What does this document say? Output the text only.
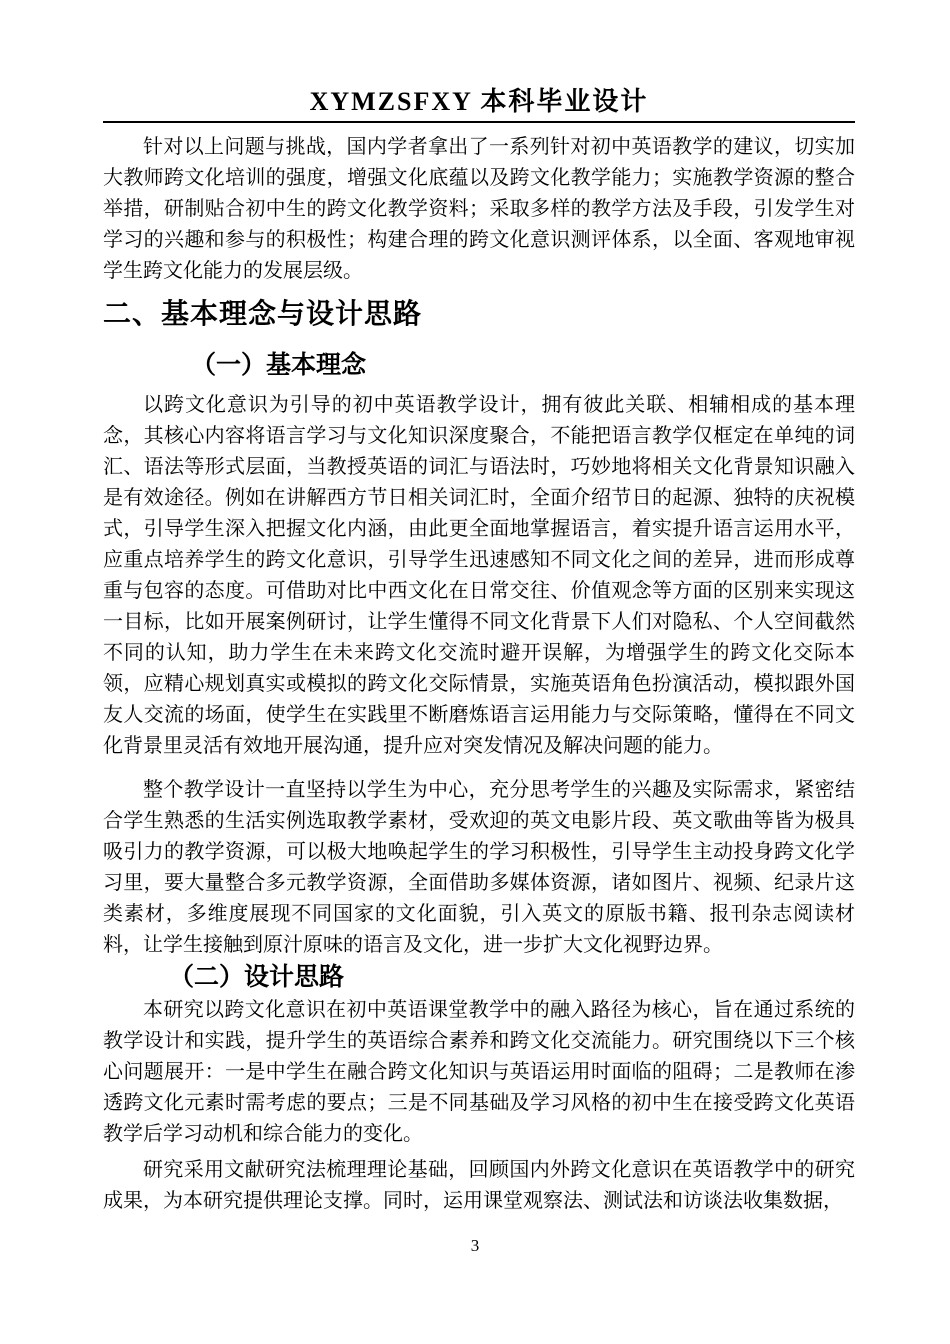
XYMZSFXY 本科毕业设计

针对以上问题与挑战，国内学者拿出了一系列针对初中英语教学的建议，切实加大教师跨文化培训的强度，增强文化底蕴以及跨文化教学能力；实施教学资源的整合举措，研制贴合初中生的跨文化教学资料；采取多样的教学方法及手段，引发学生对学习的兴趣和参与的积极性；构建合理的跨文化意识测评体系，以全面、客观地审视学生跨文化能力的发展层级。

二、基本理念与设计思路
（一）基本理念

以跨文化意识为引导的初中英语教学设计，拥有彼此关联、相辅相成的基本理念，其核心内容将语言学习与文化知识深度聚合，不能把语言教学仅框定在单纯的词汇、语法等形式层面，当教授英语的词汇与语法时，巧妙地将相关文化背景知识融入是有效途径。例如在讲解西方节日相关词汇时，全面介绍节日的起源、独特的庆祝模式，引导学生深入把握文化内涵，由此更全面地掌握语言，着实提升语言运用水平，应重点培养学生的跨文化意识，引导学生迅速感知不同文化之间的差异，进而形成尊重与包容的态度。可借助对比中西文化在日常交往、价值观念等方面的区别来实现这一目标，比如开展案例研讨，让学生懂得不同文化背景下人们对隐私、个人空间截然不同的认知，助力学生在未来跨文化交流时避开误解，为增强学生的跨文化交际本领，应精心规划真实或模拟的跨文化交际情景，实施英语角色扮演活动，模拟跟外国友人交流的场面，使学生在实践里不断磨炼语言运用能力与交际策略，懂得在不同文化背景里灵活有效地开展沟通，提升应对突发情况及解决问题的能力。

整个教学设计一直坚持以学生为中心，充分思考学生的兴趣及实际需求，紧密结合学生熟悉的生活实例选取教学素材，受欢迎的英文电影片段、英文歌曲等皆为极具吸引力的教学资源，可以极大地唤起学生的学习积极性，引导学生主动投身跨文化学习里，要大量整合多元教学资源，全面借助多媒体资源，诸如图片、视频、纪录片这类素材，多维度展现不同国家的文化面貌，引入英文的原版书籍、报刊杂志阅读材料，让学生接触到原汁原味的语言及文化，进一步扩大文化视野边界。

（二）设计思路

本研究以跨文化意识在初中英语课堂教学中的融入路径为核心，旨在通过系统的教学设计和实践，提升学生的英语综合素养和跨文化交流能力。研究围绕以下三个核心问题展开：一是中学生在融合跨文化知识与英语运用时面临的阻碍；二是教师在渗透跨文化元素时需考虑的要点；三是不同基础及学习风格的初中生在接受跨文化英语教学后学习动机和综合能力的变化。

研究采用文献研究法梳理理论基础，回顾国内外跨文化意识在英语教学中的研究成果，为本研究提供理论支撑。同时，运用课堂观察法、测试法和访谈法收集数据，

3
